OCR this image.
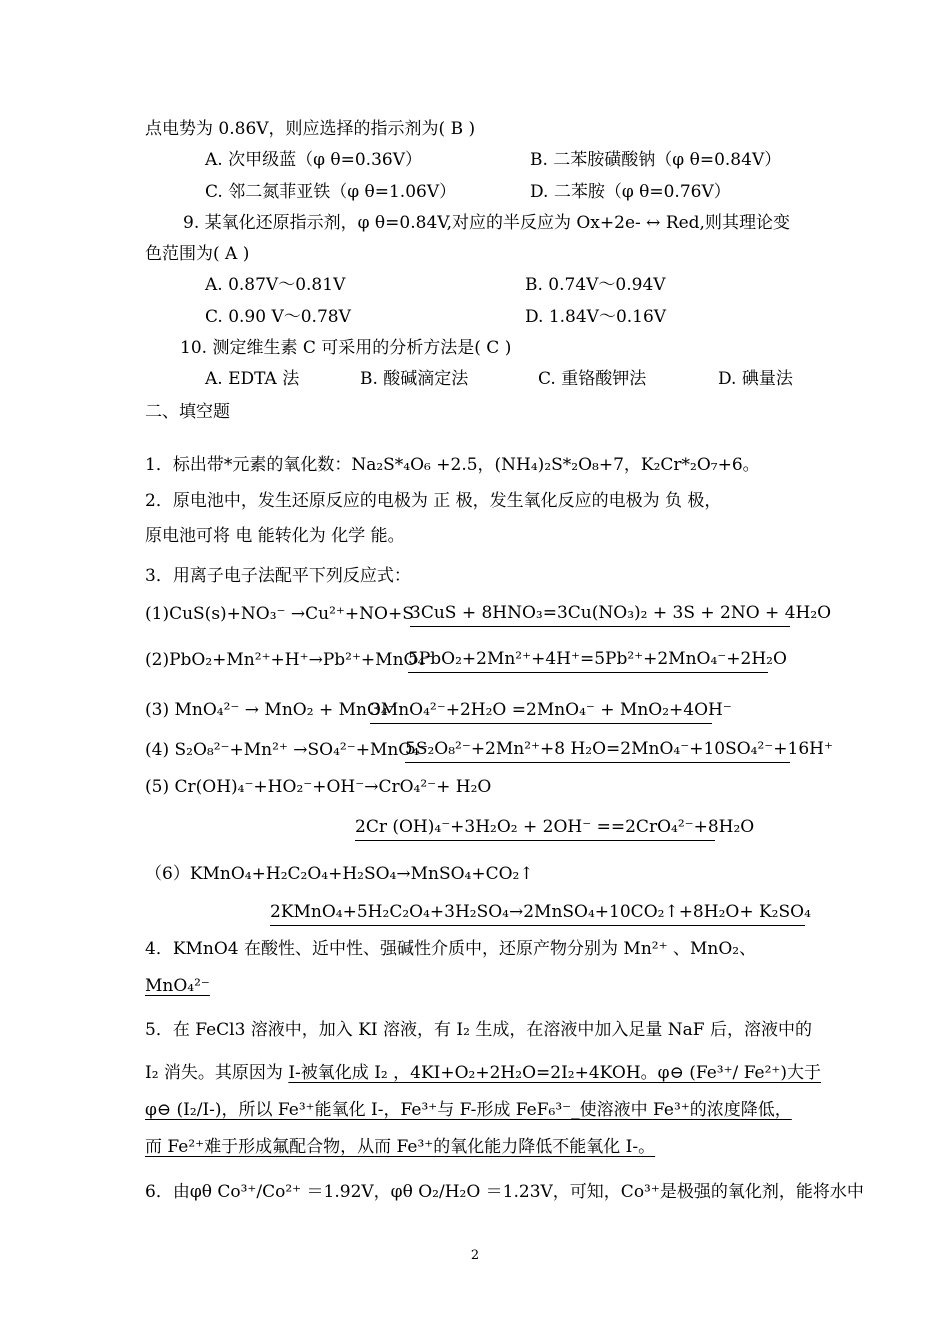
点电势为 0.86V，则应选择的指示剂为( B )
A. 次甲级蓝（φ θ=0.36V）	B. 二苯胺磺酸钠（φ θ=0.84V）
C. 邻二氮菲亚铁（φ θ=1.06V）	D. 二苯胺（φ θ=0.76V）
9. 某氧化还原指示剂，φ θ=0.84V,对应的半反应为 Ox+2e- ↔ Red,则其理论变
色范围为( A )
A. 0.87V～0.81V	B. 0.74V～0.94V
C. 0.90 V～0.78V	D. 1.84V～0.16V
10. 测定维生素 C 可采用的分析方法是( C )
A. EDTA 法	B. 酸碱滴定法	C. 重铬酸钾法	D. 碘量法
二、填空题
1．标出带*元素的氧化数：Na₂S*₄O₆ +2.5，(NH₄)₂S*₂O₈+7，K₂Cr*₂O₇+6。
2．原电池中，发生还原反应的电极为 正 极，发生氧化反应的电极为 负 极，
原电池可将 电 能转化为 化学 能。
3．用离子电子法配平下列反应式：
(1)CuS(s)+NO₃⁻ →Cu²⁺+NO+S
3CuS + 8HNO₃=3Cu(NO₃)₂ + 3S + 2NO + 4H₂O
(2)PbO₂+Mn²⁺+H⁺→Pb²⁺+MnO₄⁻
5PbO₂+2Mn²⁺+4H⁺=5Pb²⁺+2MnO₄⁻+2H₂O
(3) MnO₄²⁻ → MnO₂ + MnO₄⁻
3MnO₄²⁻+2H₂O =2MnO₄⁻ + MnO₂+4OH⁻
(4) S₂O₈²⁻+Mn²⁺ →SO₄²⁻+MnO₄⁻
5S₂O₈²⁻+2Mn²⁺+8 H₂O=2MnO₄⁻+10SO₄²⁻+16H⁺
(5) Cr(OH)₄⁻+HO₂⁻+OH⁻→CrO₄²⁻+ H₂O
2Cr (OH)₄⁻+3H₂O₂ + 2OH⁻ ==2CrO₄²⁻+8H₂O
（6）KMnO₄+H₂C₂O₄+H₂SO₄→MnSO₄+CO₂↑
2KMnO₄+5H₂C₂O₄+3H₂SO₄→2MnSO₄+10CO₂↑+8H₂O+ K₂SO₄
4．KMnO4 在酸性、近中性、强碱性介质中，还原产物分别为 Mn²⁺ 、MnO₂、
MnO₄²⁻
5．在 FeCl3 溶液中，加入 KI 溶液，有 I₂ 生成，在溶液中加入足量 NaF 后，溶液中的
I₂ 消失。其原因为 I-被氧化成 I₂ ，4KI+O₂+2H₂O=2I₂+4KOH。φ⊖ (Fe³⁺/ Fe²⁺)大于
φ⊖ (I₂/I-)，所以 Fe³⁺能氧化 I-，Fe³⁺与 F-形成 FeF₆³⁻_使溶液中 Fe³⁺的浓度降低，
而 Fe²⁺难于形成氟配合物，从而 Fe³⁺的氧化能力降低不能氧化 I-。
6．由φθ Co³⁺/Co²⁺ ＝1.92V，φθ O₂/H₂O ＝1.23V，可知，Co³⁺是极强的氧化剂，能将水中
2
